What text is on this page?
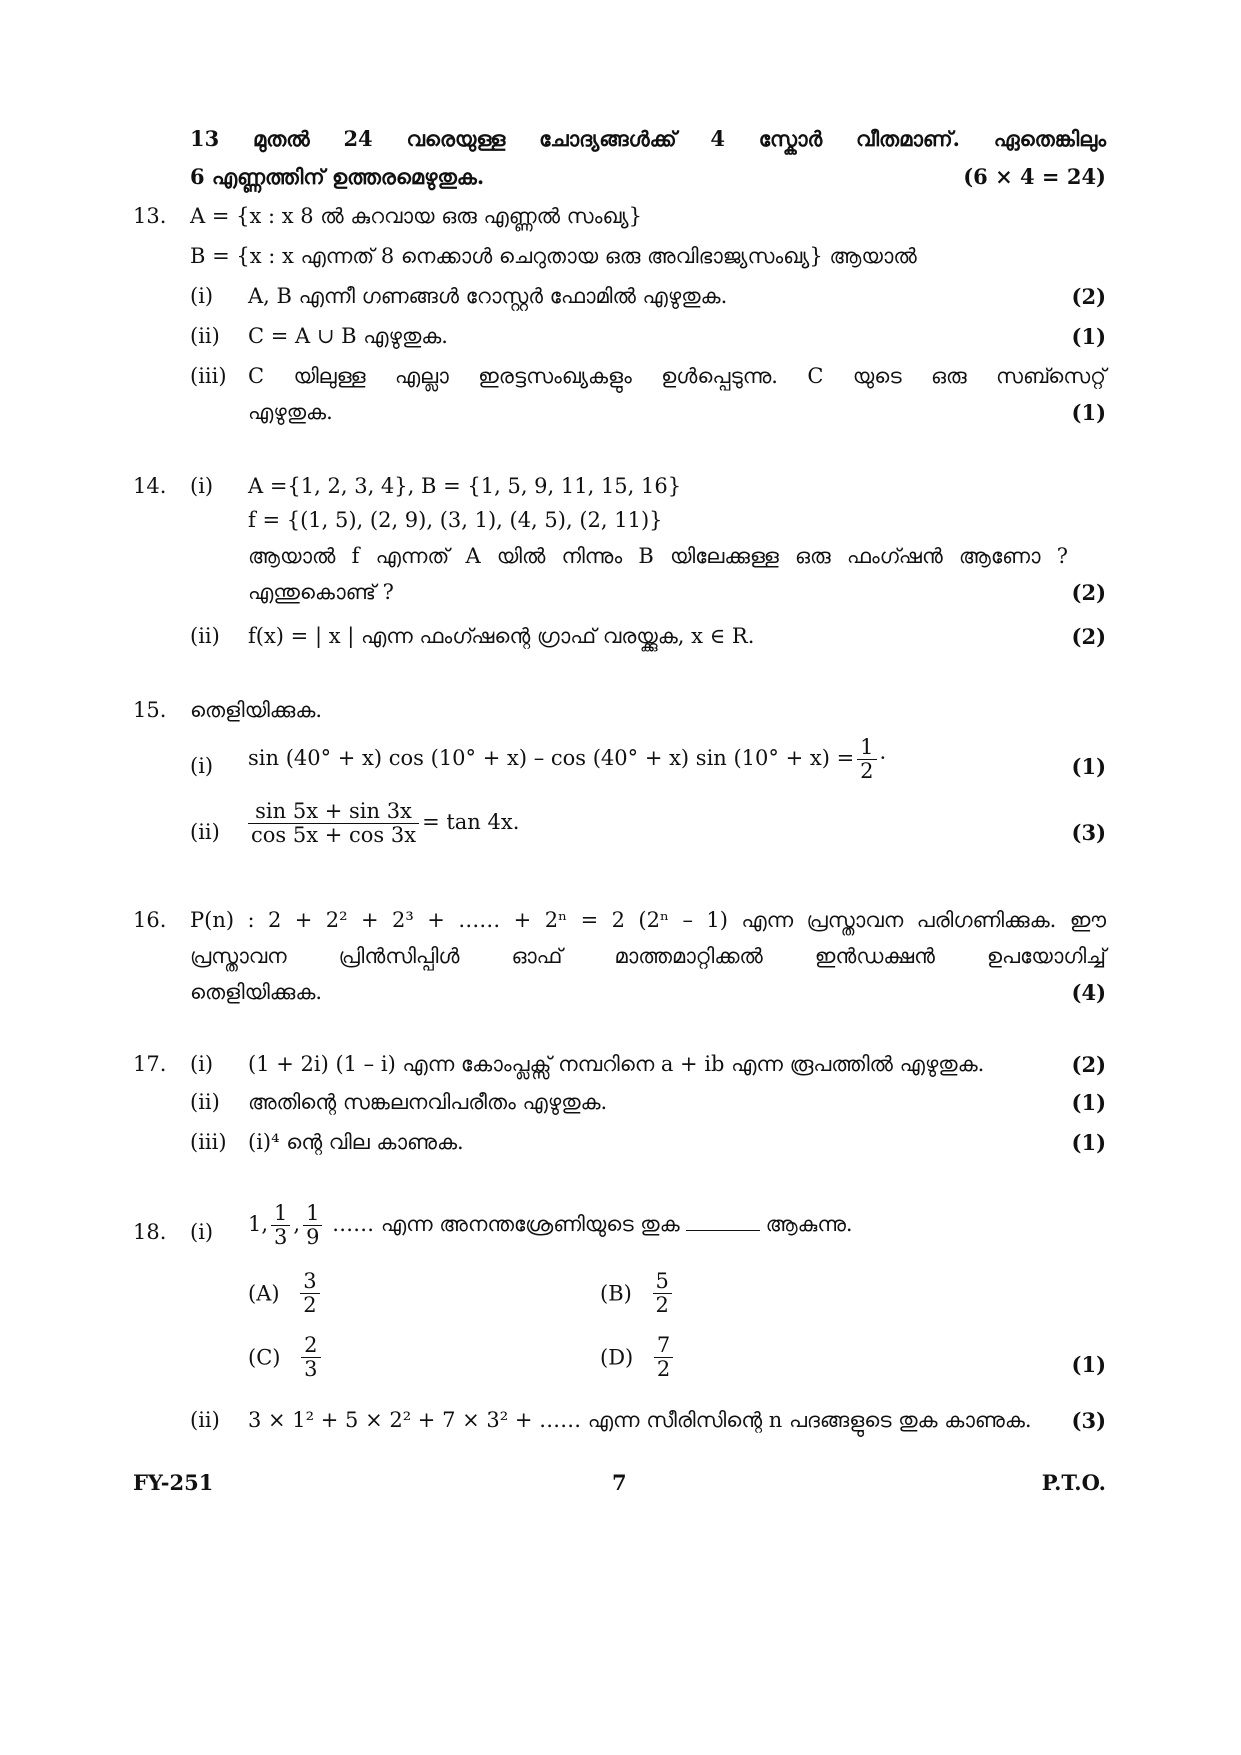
13 മുതൽ 24 വരെയുള്ള ചോദ്യങ്ങൾക്ക് 4 സ്കോർ വീതമാണ്. ഏതെങ്കിലും
6 എണ്ണത്തിന് ഉത്തരമെഴുതുക.	(6 × 4 = 24)
13. A = {x : x 8 ൽ കുറവായ ഒരു എണ്ണൽ സംഖ്യ}
B = {x : x എന്നത് 8 നെക്കാൾ ചെറുതായ ഒരു അവിഭാജ്യസംഖ്യ} ആയാൽ
(i) A, B എന്നീ ഗണങ്ങൾ റോസ്റ്റർ ഫോമിൽ എഴുതുക.	(2)
(ii) C = A ∪ B എഴുതുക.	(1)
(iii) C യിലുള്ള എല്ലാ ഇരട്ടസംഖ്യകളും ഉൾപ്പെടുന്നു. C യുടെ ഒരു സബ്സെറ്റ്
എഴുതുക.	(1)
14. (i) A ={1, 2, 3, 4}, B = {1, 5, 9, 11, 15, 16}
f = {(1, 5), (2, 9), (3, 1), (4, 5), (2, 11)}
ആയാൽ f എന്നത് A യിൽ നിന്നും B യിലേക്കുള്ള ഒരു ഫംഗ്ഷൻ ആണോ ?
എന്തുകൊണ്ട് ?	(2)
(ii) f(x) = | x | എന്ന ഫംഗ്ഷന്റെ ഗ്രാഫ് വരയ്ക്കുക, x ∈ R.	(2)
15. തെളിയിക്കുക.
(i) sin (40° + x) cos (10° + x) – cos (40° + x) $\sin (10^\circ + x) = \frac{1}{2}$ ·	(1)
$(ii) \frac{\sin 5x + \sin 3x}{\cos 5x + \cos 3x} = \tan 4x$.	(3)
16. P(n) : 2 + 2² + 2³ + …… + 2ⁿ = 2 (2ⁿ – 1) എന്ന പ്രസ്താവന പരിഗണിക്കുക. ഈ
പ്രസ്താവന പ്രിൻസിപ്പിൾ ഓഫ് മാത്തമാറ്റിക്കൽ ഇൻഡക്ഷൻ ഉപയോഗിച്ച്
തെളിയിക്കുക.	(4)
17. (i) (1 + 2i) (1 – i) എന്ന കോംപ്ലക്സ് നമ്പറിനെ a + ib എന്ന രൂപത്തിൽ എഴുതുക.	(2)
(ii) അതിന്റെ സങ്കലനവിപരീതം എഴുതുക.	(1)
(iii) (i)⁴ ന്റെ വില കാണുക.	(1)
18. (i) 1, $\frac{1}{3}$ , $\frac{1}{9}$ …… എന്ന അനന്തശ്രേണിയുടെ തുക	ആകുന്നു.
$(A) \frac{3}{2}$	$(B) \frac{5}{2}$
$(C) \frac{2}{3}$	$(D) \frac{7}{2}$	(1)
(ii) 3 × 1² + 5 × 2² + 7 × 3² + …… എന്ന സീരിസിന്റെ n പദങ്ങളുടെ തുക കാണുക. (3)
FY-251	7	P.T.O.
